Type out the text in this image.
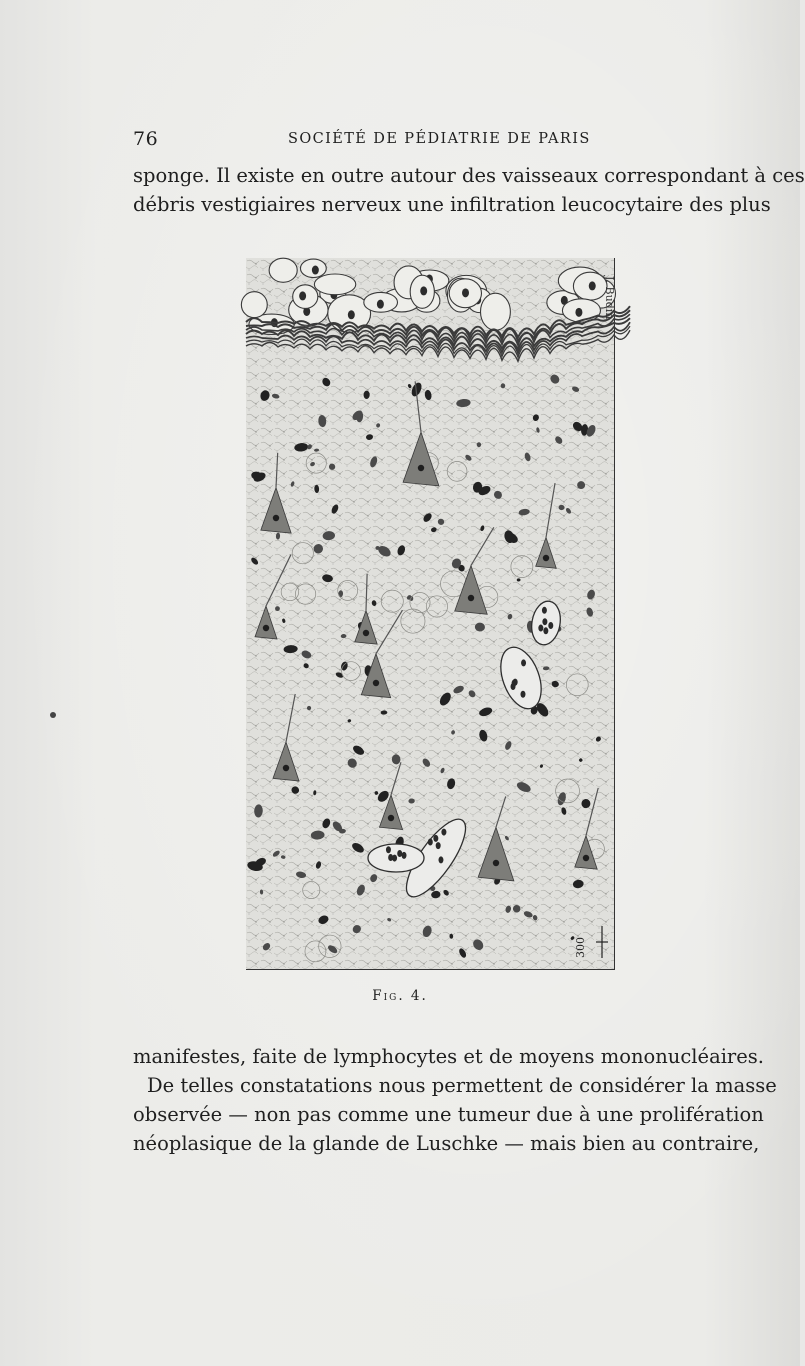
76	SOCIÉTÉ DE PÉDIATRIE DE PARIS
sponge. Il existe en outre autour des vaisseaux correspondant à ces
débris vestigiaires nerveux une infiltration leucocytaire des plus
J. Budin
300
Fig. 4.
manifestes, faite de lymphocytes et de moyens mononucléaires.
De telles constatations nous permettent de considérer la masse
observée — non pas comme une tumeur due à une prolifération
néoplasique de la glande de Luschke — mais bien au contraire,
